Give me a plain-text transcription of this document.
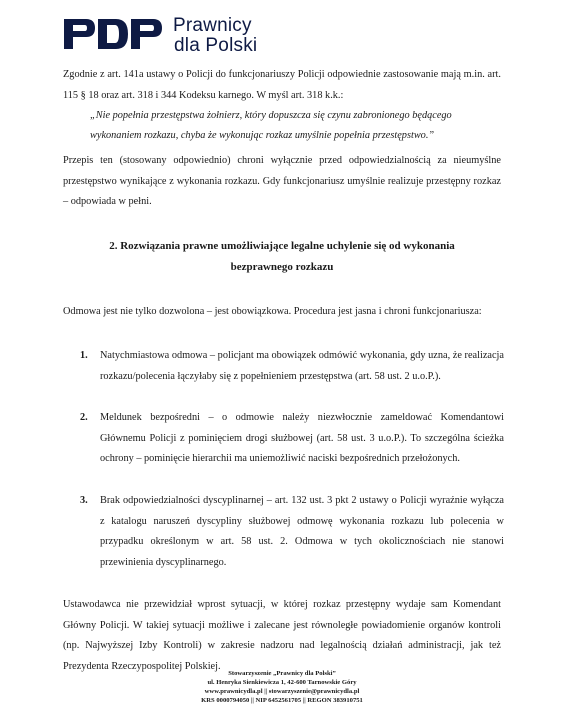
Prawnicy
dla Polski
Zgodnie z art. 141a ustawy o Policji do funkcjonariuszy Policji odpowiednie zastosowanie mają m.in. art. 115 § 18 oraz art. 318 i 344 Kodeksu karnego. W myśl art. 318 k.k.:
„Nie popełnia przestępstwa żołnierz, który dopuszcza się czynu zabronionego będącego wykonaniem rozkazu, chyba że wykonując rozkaz umyślnie popełnia przestępstwo.”
Przepis ten (stosowany odpowiednio) chroni wyłącznie przed odpowiedzialnością za nieumyślne przestępstwo wynikające z wykonania rozkazu. Gdy funkcjonariusz umyślnie realizuje przestępny rozkaz – odpowiada w pełni.
2. Rozwiązania prawne umożliwiające legalne uchylenie się od wykonania
bezprawnego rozkazu
Odmowa jest nie tylko dozwolona – jest obowiązkowa. Procedura jest jasna i chroni funkcjonariusza:
1. Natychmiastowa odmowa – policjant ma obowiązek odmówić wykonania, gdy uzna, że realizacja rozkazu/polecenia łączyłaby się z popełnieniem przestępstwa (art. 58 ust. 2 u.o.P.).
2. Meldunek bezpośredni – o odmowie należy niezwłocznie zameldować Komendantowi Głównemu Policji z pominięciem drogi służbowej (art. 58 ust. 3 u.o.P.). To szczególna ścieżka ochrony – pominięcie hierarchii ma uniemożliwić naciski bezpośrednich przełożonych.
3. Brak odpowiedzialności dyscyplinarnej – art. 132 ust. 3 pkt 2 ustawy o Policji wyraźnie wyłącza z katalogu naruszeń dyscypliny służbowej odmowę wykonania rozkazu lub polecenia w przypadku określonym w art. 58 ust. 2. Odmowa w tych okolicznościach nie stanowi przewinienia dyscyplinarnego.
Ustawodawca nie przewidział wprost sytuacji, w której rozkaz przestępny wydaje sam Komendant Główny Policji. W takiej sytuacji możliwe i zalecane jest równoległe powiadomienie organów kontroli (np. Najwyższej Izby Kontroli) w zakresie nadzoru nad legalnością działań administracji, jak też Prezydenta Rzeczypospolitej Polskiej.
Stowarzyszenie „Prawnicy dla Polski”
ul. Henryka Sienkiewicza 1, 42-600 Tarnowskie Góry
www.prawnicydla.pl || stowarzyszenie@prawnicydla.pl
KRS 0000794050 || NIP 6452561705 || REGON 383910751
